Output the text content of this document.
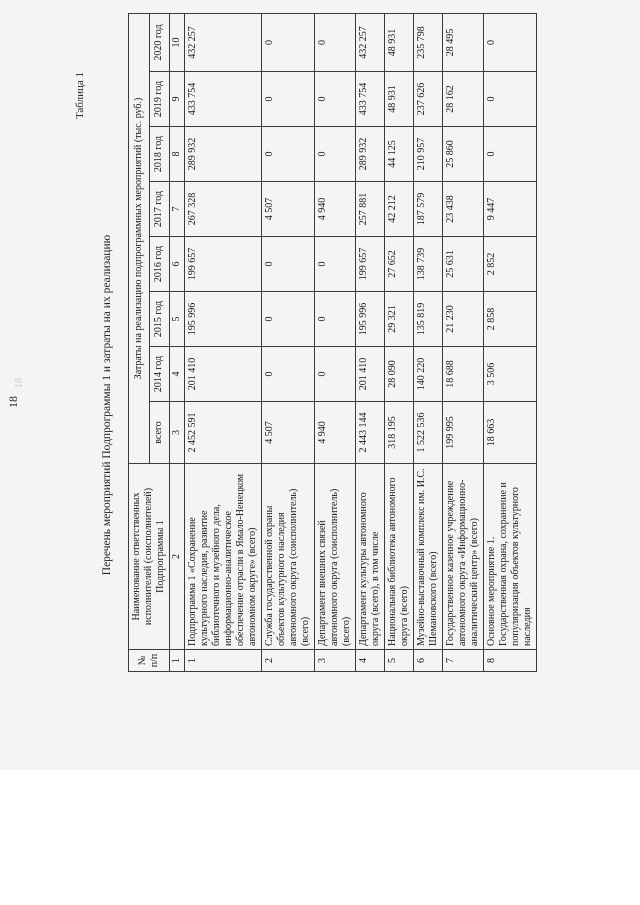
18
18
Таблица 1
Перечень мероприятий Подпрограммы 1 и затраты на их реализацию
№ п/п	Наименование ответственных исполнителей (соисполнителей) Подпрограммы 1	Затраты на реализацию подпрограммных мероприятий (тыс. руб.)							
		всего	2014 год	2015 год	2016 год	2017 год	2018 год	2019 год	2020 год
1	2	3	4	5	6	7	8	9	10
1	Подпрограмма 1 «Сохранение культурного наследия, развитие библиотечного и музейного дела, информационно-аналитическое обеспечение отрасли в Ямало-Ненецком автономном округе» (всего)	2 452 591	201 410	195 996	199 657	267 328	289 932	433 754	432 257
2	Служба государственной охраны объектов культурного наследия автономного округа (соисполнитель) (всего)	4 507	0	0	0	4 507	0	0	0
3	Департамент внешних связей автономного округа (соисполнитель) (всего)	4 940	0	0	0	4 940	0	0	0
4	Департамент культуры автономного округа (всего), в том числе	2 443 144	201 410	195 996	199 657	257 881	289 932	433 754	432 257
5	Национальная библиотека автономного округа (всего)	318 195	28 090	29 321	27 652	42 212	44 125	48 931	48 931
6	Музейно-выставочный комплекс им. И.С. Шемановского (всего)	1 522 536	140 220	135 819	138 739	187 579	210 957	237 626	235 798
7	Государственное казенное учреждение автономного округа «Информационно-аналитический центр» (всего)	199 995	18 688	21 230	25 631	23 438	25 860	28 162	28 495
8	Основное мероприятие 1. Государственная охрана, сохранение и популяризация объектов культурного наследия	18 663	3 506	2 858	2 852	9 447	0	0	0
